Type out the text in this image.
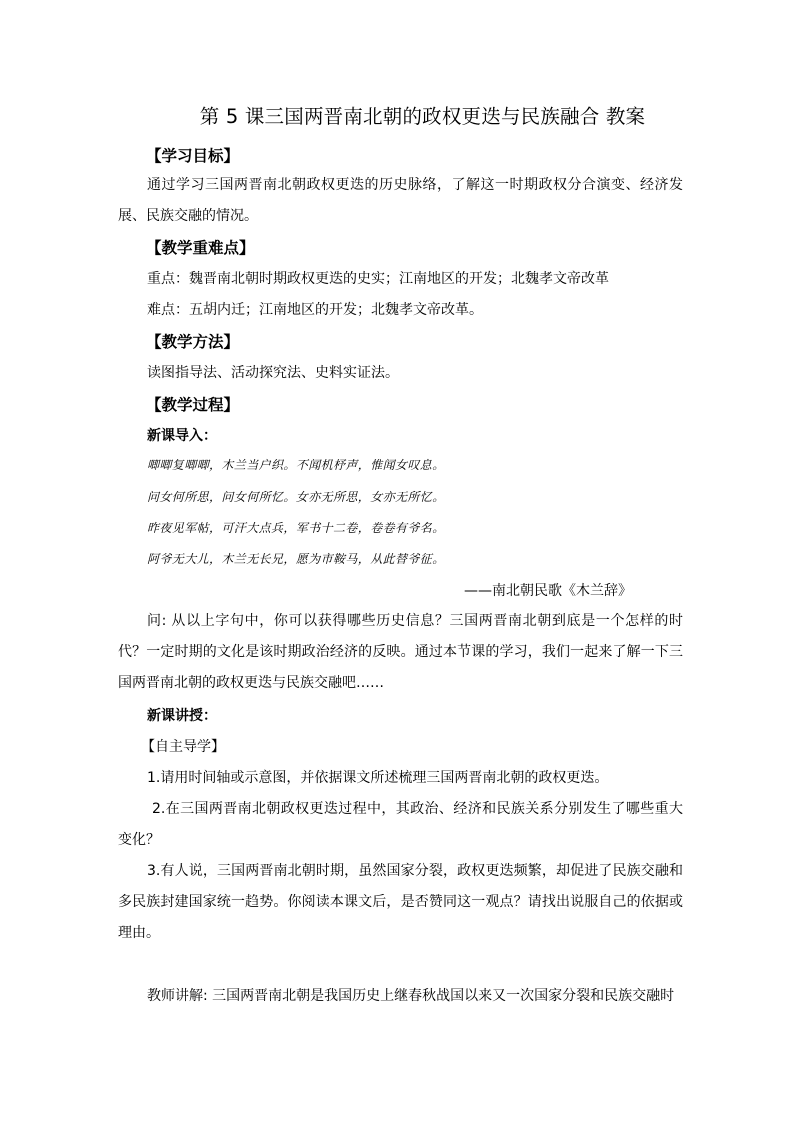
第 5 课三国两晋南北朝的政权更迭与民族融合 教案
【学习目标】
通过学习三国两晋南北朝政权更迭的历史脉络，了解这一时期政权分合演变、经济发展、民族交融的情况。
【教学重难点】
重点：魏晋南北朝时期政权更迭的史实；江南地区的开发；北魏孝文帝改革
难点：五胡内迁；江南地区的开发；北魏孝文帝改革。
【教学方法】
读图指导法、活动探究法、史料实证法。
【教学过程】
新课导入：
唧唧复唧唧，木兰当户织。不闻机杼声，惟闻女叹息。
问女何所思，问女何所忆。女亦无所思，女亦无所忆。
昨夜见军帖，可汗大点兵，军书十二卷，卷卷有爷名。
阿爷无大儿，木兰无长兄，愿为市鞍马，从此替爷征。
——南北朝民歌《木兰辞》
问: 从以上字句中，你可以获得哪些历史信息？三国两晋南北朝到底是一个怎样的时代？一定时期的文化是该时期政治经济的反映。通过本节课的学习，我们一起来了解一下三国两晋南北朝的政权更迭与民族交融吧……
新课讲授：
【自主导学】
1.请用时间轴或示意图，并依据课文所述梳理三国两晋南北朝的政权更迭。
2.在三国两晋南北朝政权更迭过程中，其政治、经济和民族关系分别发生了哪些重大变化？
3.有人说，三国两晋南北朝时期，虽然国家分裂，政权更迭频繁，却促进了民族交融和多民族封建国家统一趋势。你阅读本课文后，是否赞同这一观点？请找出说服自己的依据或理由。
教师讲解: 三国两晋南北朝是我国历史上继春秋战国以来又一次国家分裂和民族交融时
